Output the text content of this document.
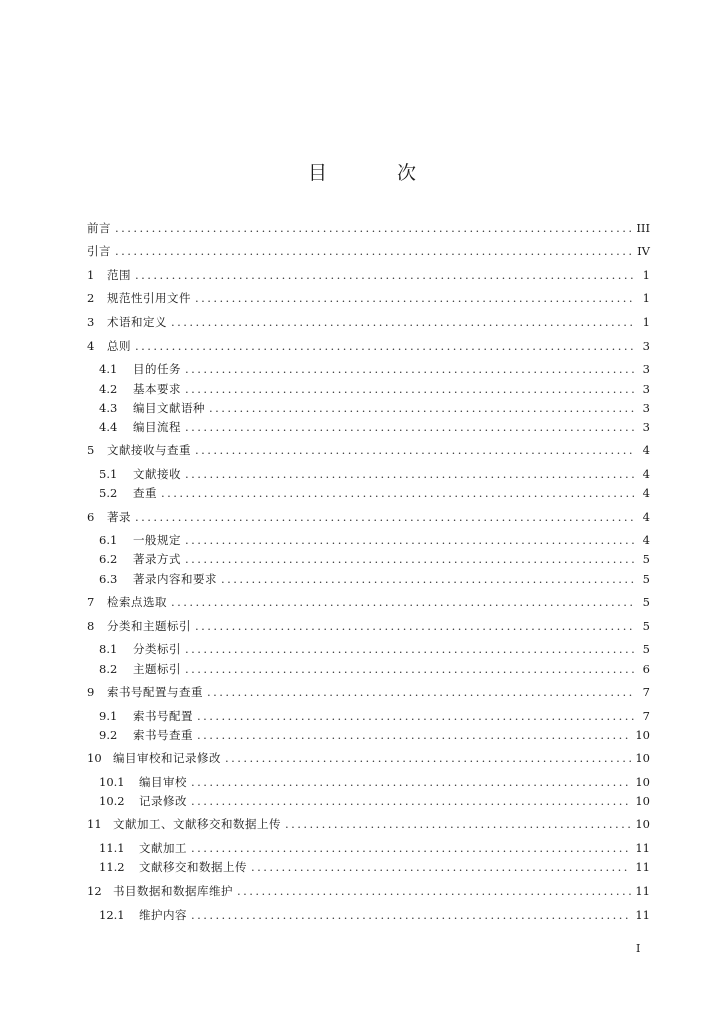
目 次
前言 . . .	III
引言 . . .	IV
1	范围 . . .	1
2	规范性引用文件 . . .	1
3	术语和定义 . . .	1
4	总则 . . .	3
4.1	目的任务 . . .	3
4.2	基本要求 . . .	3
4.3	编目文献语种 . . .	3
4.4	编目流程 . . .	3
5	文献接收与查重 . . .	4
5.1	文献接收 . . .	4
5.2	查重 . . .	4
6	著录 . . .	4
6.1	一般规定 . . .	4
6.2	著录方式 . . .	5
6.3	著录内容和要求 . . .	5
7	检索点选取 . . .	5
8	分类和主题标引 . . .	5
8.1	分类标引 . . .	5
8.2	主题标引 . . .	6
9	索书号配置与查重 . . .	7
9.1	索书号配置 . . .	7
9.2	索书号查重 . . .	10
10 编目审校和记录修改 . . .	10
10.1	编目审校 . . .	10
10.2	记录修改 . . .	10
11 文献加工、文献移交和数据上传 . . .	10
11.1	文献加工 . . .	11
11.2	文献移交和数据上传 . . .	11
12 书目数据和数据库维护 . . .	11
12.1	维护内容 . . .	11
I
